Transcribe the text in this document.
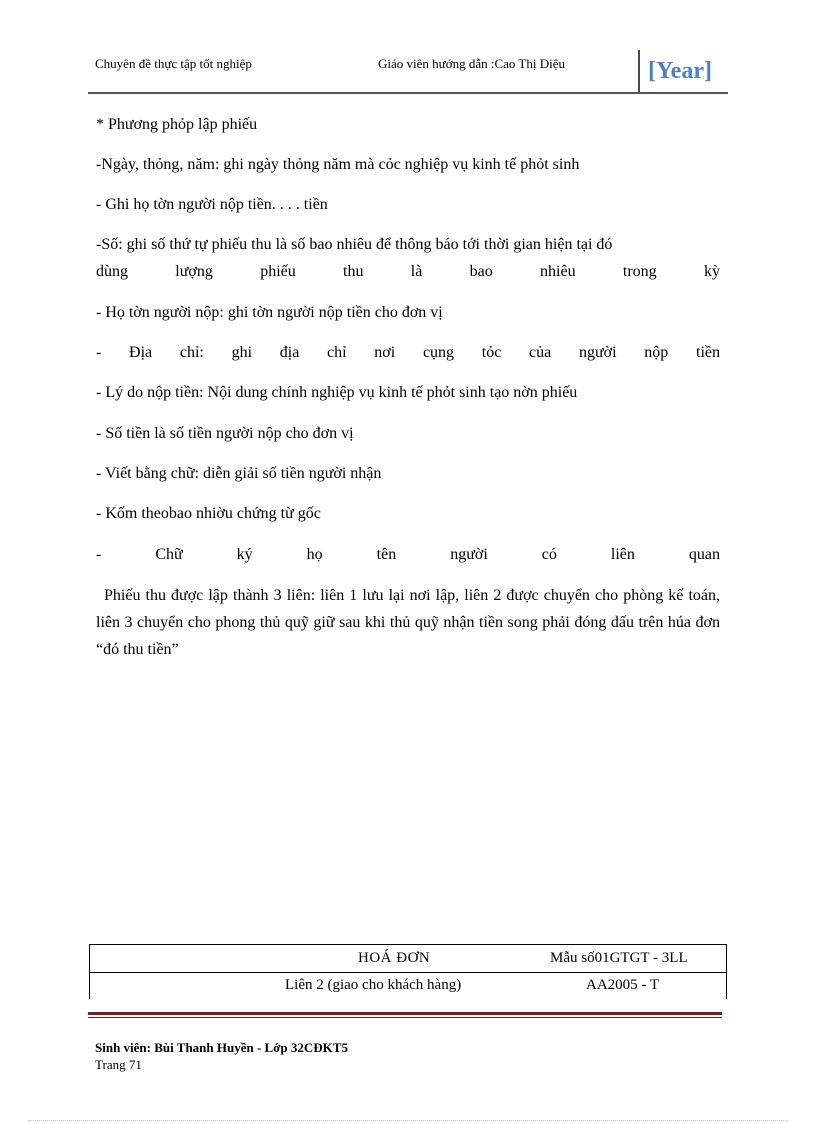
Chuyên đề thực tập tốt nghiệp	Giáo viên hướng dẫn :Cao Thị Diệu	[Year]
* Phương phỏp lập phiếu
-Ngày, thỏng, năm: ghi ngày thỏng năm mà cỏc nghiệp vụ kinh tế phỏt sinh
- Ghi họ tờn người nộp tiền. . . . tiền
-Số: ghi số thứ tự phiếu thu là số bao nhiêu để thông báo tới thời gian hiện tại đó
dùng lượng phiếu thu là bao nhiêu trong kỳ
- Họ tờn người nộp: ghi tờn người nộp tiền cho đơn vị
- Địa chỉ: ghi địa chỉ nơi cụng tỏc của người nộp tiền
- Lý do nộp tiền: Nội dung chính nghiệp vụ kinh tế phỏt sinh tạo nờn phiếu
- Số tiền là số tiền người nộp cho đơn vị
- Viết bằng chữ: diễn giải số tiền người nhận
- Kốm theobao nhiờu chứng từ gốc
- Chữ ký họ tên người có liên quan
Phiếu thu được lập thành 3 liên: liên 1 lưu lại nơi lập, liên 2 được chuyển cho phòng kế toán, liên 3 chuyển cho phong thủ quỹ giữ sau khi thủ quỹ nhận tiền song phải đóng dấu trên húa đơn “đó thu tiền”
HOÁ ĐƠN	Mẫu số01GTGT - 3LL
Liên 2 (giao cho khách hàng)	AA2005 - T
Sinh viên: Bùi Thanh Huyền - Lớp 32CĐKT5
Trang 71
